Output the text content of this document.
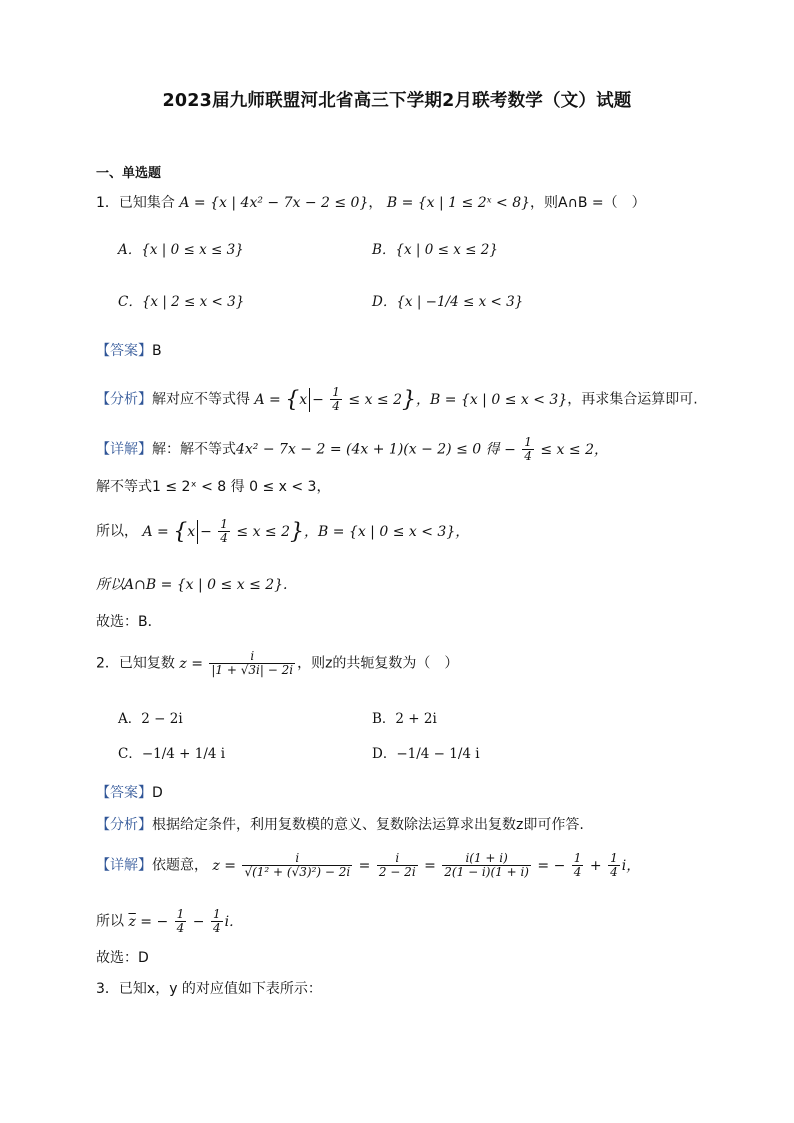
2023届九师联盟河北省高三下学期2月联考数学（文）试题
一、单选题
1．已知集合 A = {x | 4x² − 7x − 2 ≤ 0}， B = {x | 1 ≤ 2ˣ < 8}，则A∩B =（　）
A．{x | 0 ≤ x ≤ 3}	B．{x | 0 ≤ x ≤ 2}
C．{x | 2 ≤ x < 3}	D．{x | −1/4 ≤ x < 3}
【答案】B
【分析】解对应不等式得 $A = \{x - \frac{1}{4} \le x \le 2\}$，B = {x | 0 ≤ x < 3}，再求集合运算即可.
【详解】解：解不等式4x² − 7x − 2 = (4x + 1)(x − 2) ≤ 0 得 − $\frac{1}{4} \le x \le 2$，
解不等式1 ≤ 2ˣ < 8 得 0 ≤ x < 3，
所以， $A = \{x - \frac{1}{4} \le x \le 2\}$，B = {x | 0 ≤ x < 3}，
所以A∩B = {x | 0 ≤ x ≤ 2}.
故选：B．
2．已知复数 $z = \frac{i}{|1 + √3i| - 2i}$ ，则z的共轭复数为（　）
A．2 − 2i	B．2 + 2i
C．−1/4 + 1/4 i	D．−1/4 − 1/4 i
【答案】D
【分析】根据给定条件，利用复数模的意义、复数除法运算求出复数z即可作答.
【详解】依题意， $z = \frac{i}{\text{√(1² + (√3)²) − 2i}} = \frac{i}{2 - 2i} = \frac{i(1 + i)}{2(1 - i)(1 + i)}$ = − $\frac{1}{4} + \frac{1}{4}$ i，
所以 $\overline{z}$ = − $\frac{1}{4} - \frac{1}{4}$ i．
故选：D
3．已知x，y 的对应值如下表所示：
